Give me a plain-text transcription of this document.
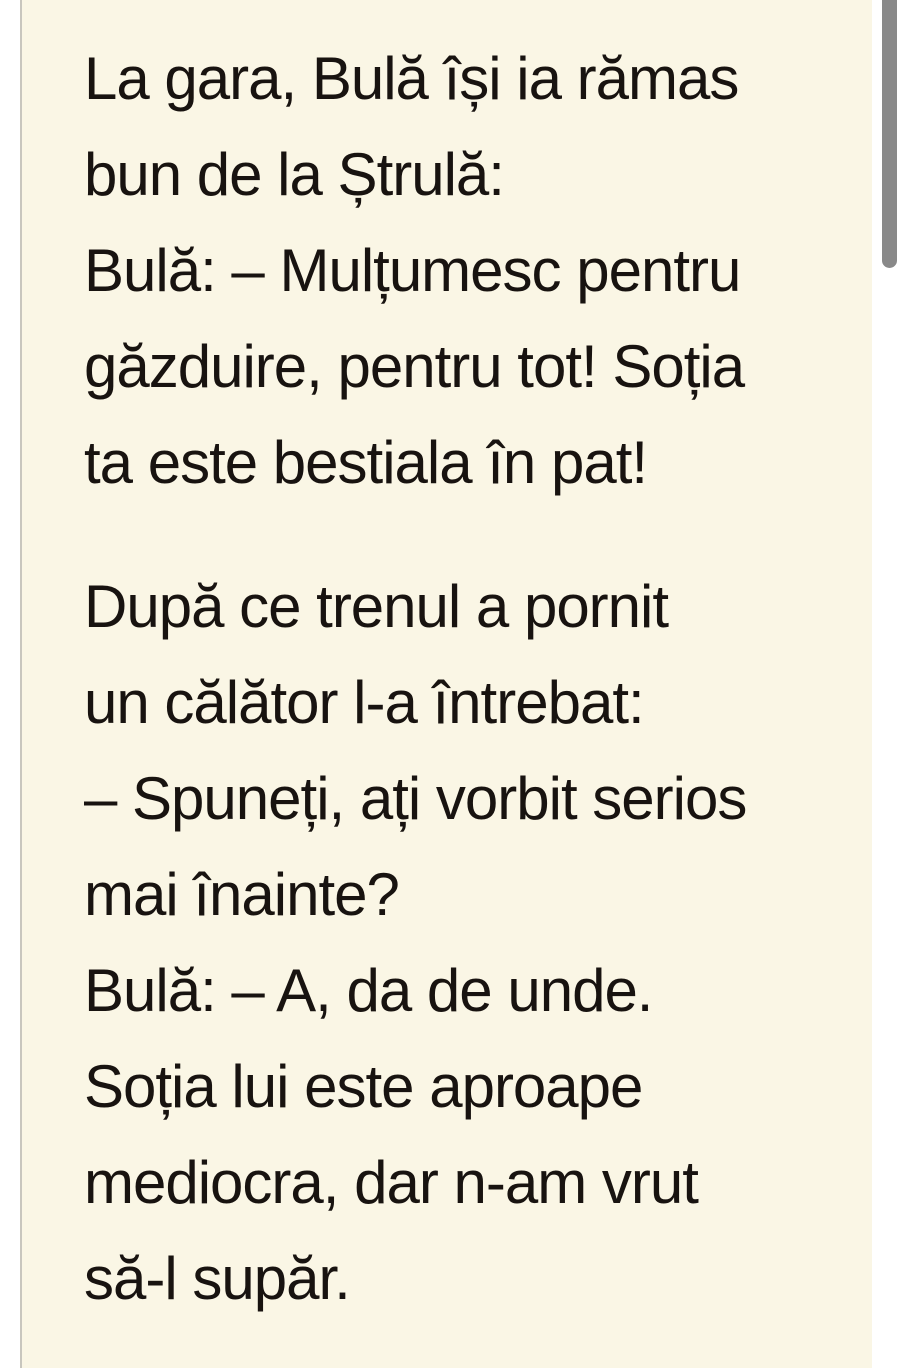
La gara, Bulă își ia rămas
bun de la Ștrulă:
Bulă: – Mulțumesc pentru
găzduire, pentru tot! Soția
ta este bestiala în pat!
După ce trenul a pornit
un călător l-a întrebat:
– Spuneți, ați vorbit serios
mai înainte?
Bulă: – A, da de unde.
Soția lui este aproape
mediocra, dar n-am vrut
să-l supăr.
